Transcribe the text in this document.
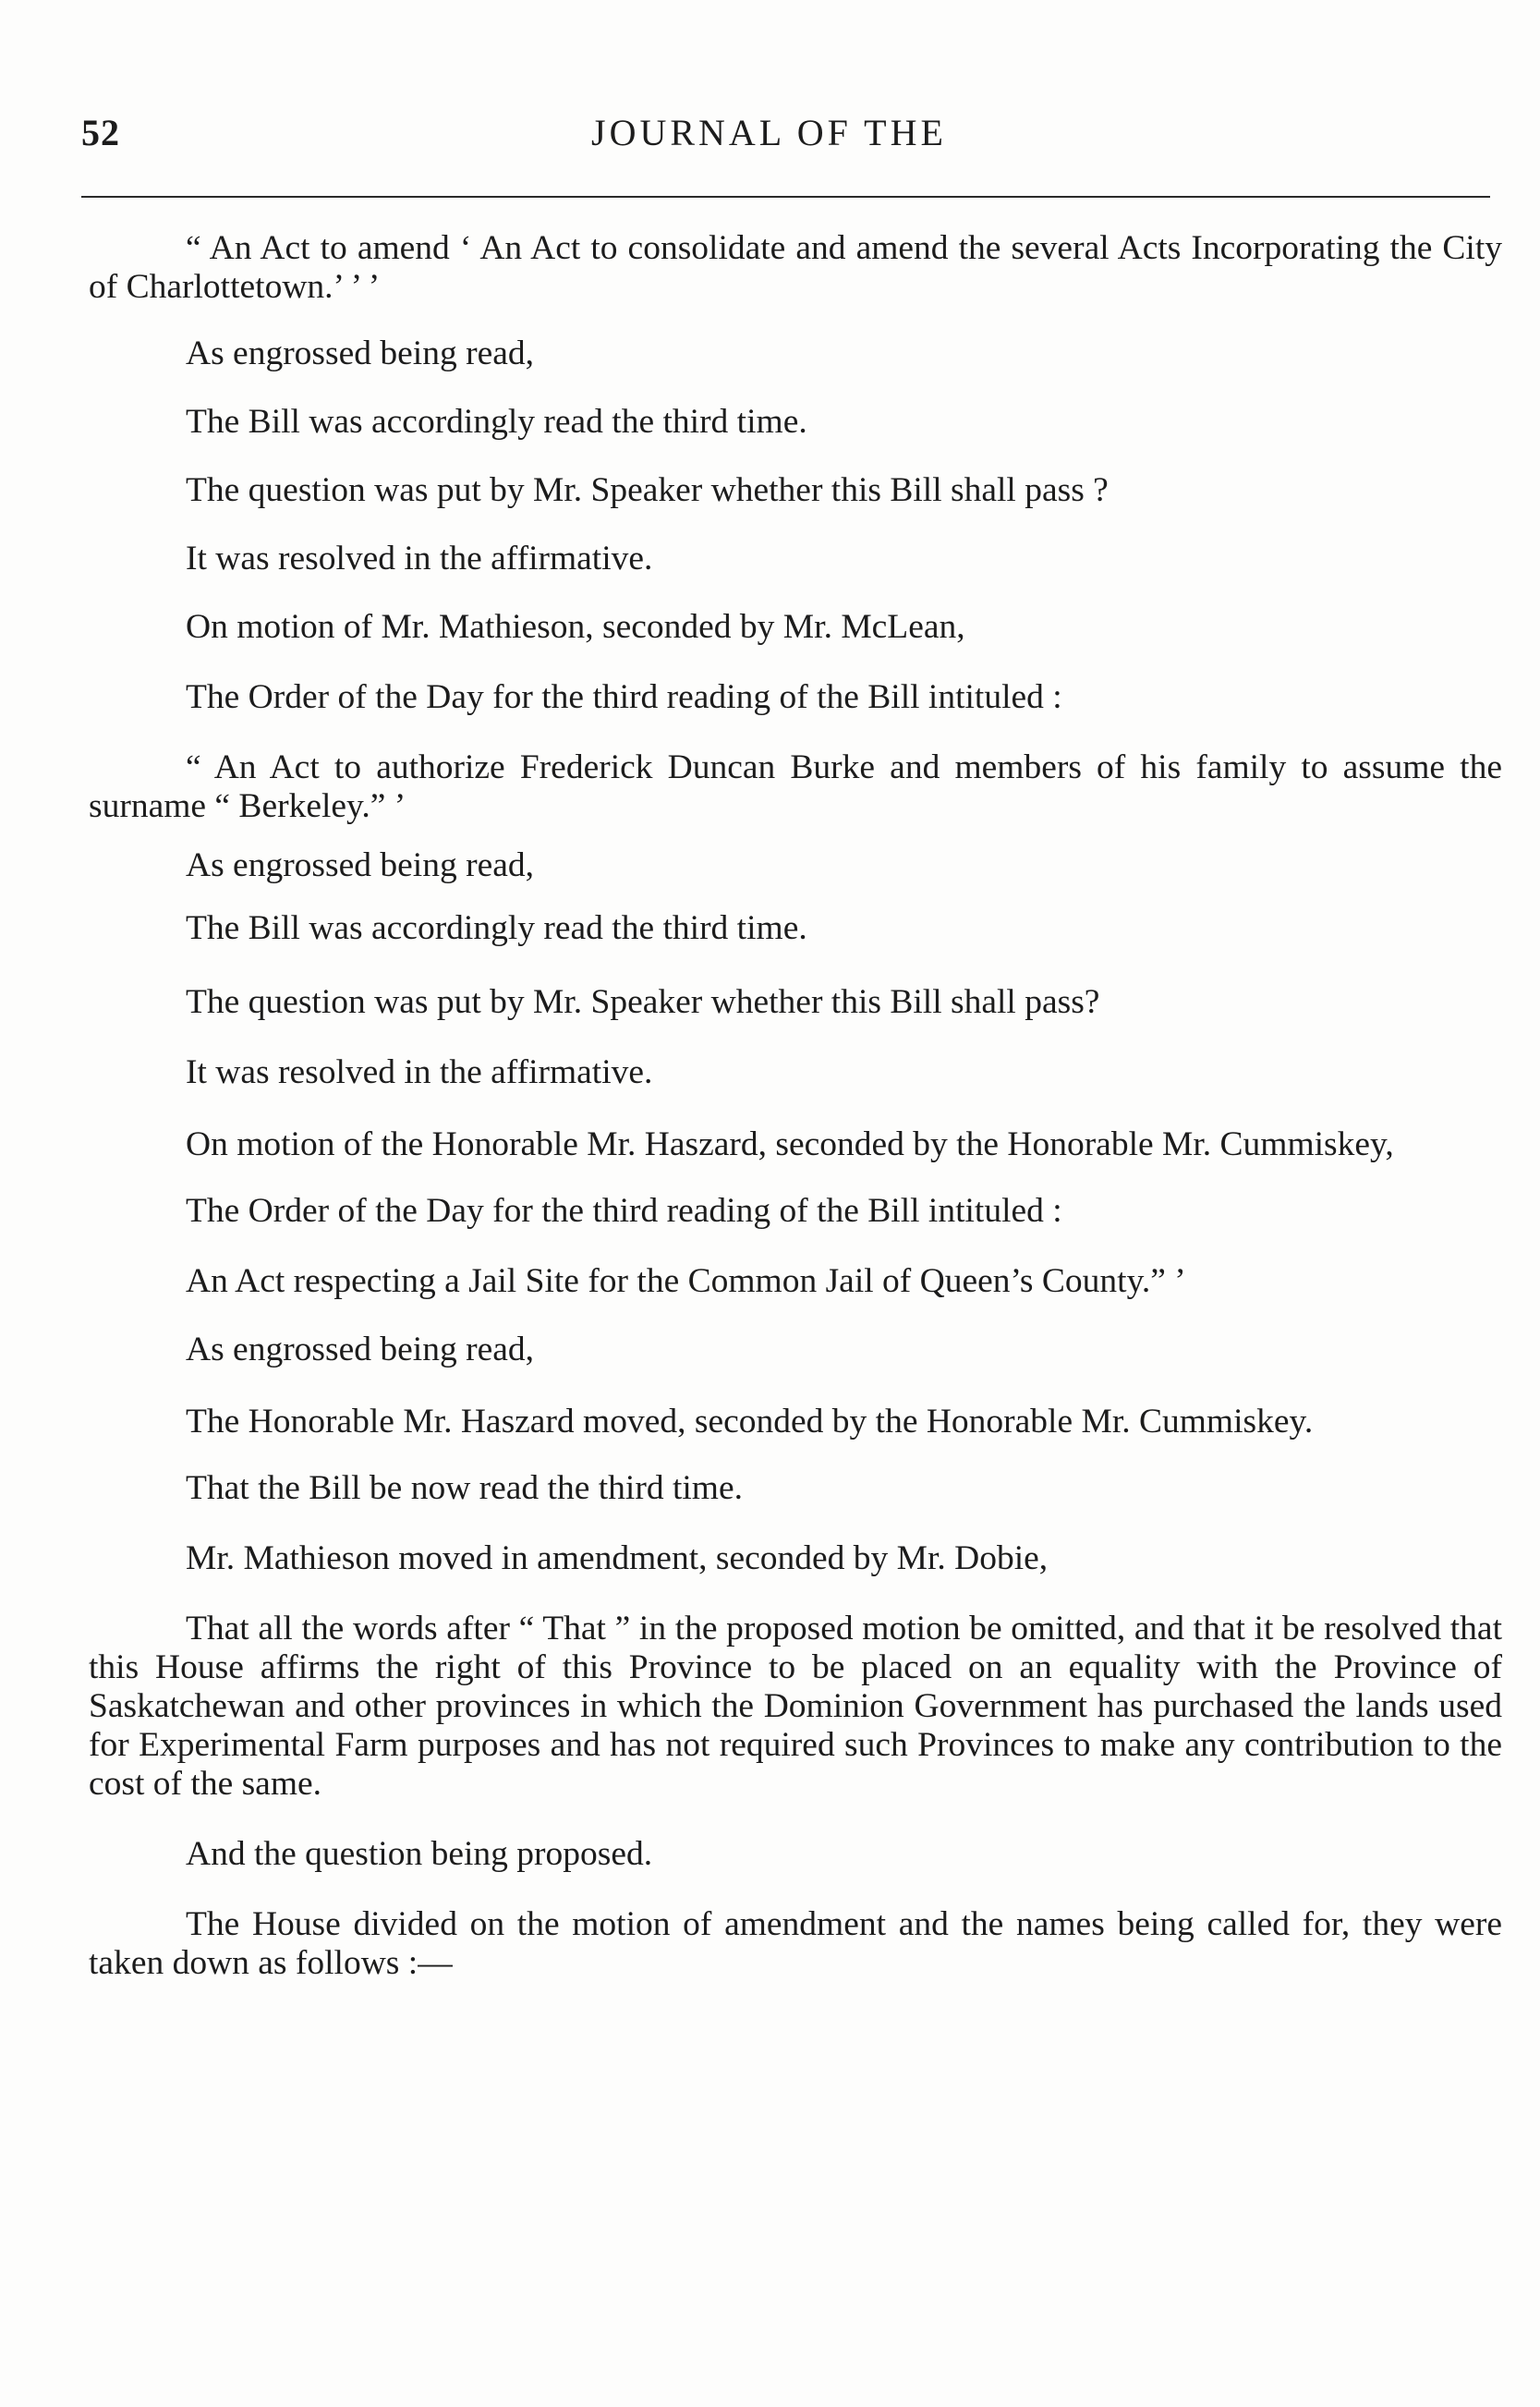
52	JOURNAL OF THE

“ An Act to amend ‘ An Act to consolidate and amend the several Acts Incorporating the City of Charlottetown.’ ’ ’

As engrossed being read,

The Bill was accordingly read the third time.

The question was put by Mr. Speaker whether this Bill shall pass ?

It was resolved in the affirmative.

On motion of Mr. Mathieson, seconded by Mr. McLean,

The Order of the Day for the third reading of the Bill intituled :

“ An Act to authorize Frederick Duncan Burke and members of his family to assume the surname “ Berkeley.” ’

As engrossed being read,

The Bill was accordingly read the third time.

The question was put by Mr. Speaker whether this Bill shall pass?

It was resolved in the affirmative.

On motion of the Honorable Mr. Haszard, seconded by the Honorable Mr. Cummiskey,

The Order of the Day for the third reading of the Bill intituled :

An Act respecting a Jail Site for the Common Jail of Queen’s County.” ’

As engrossed being read,

The Honorable Mr. Haszard moved, seconded by the Honorable Mr. Cummiskey.

That the Bill be now read the third time.

Mr. Mathieson moved in amendment, seconded by Mr. Dobie,

That all the words after “ That ” in the proposed motion be omitted, and that it be resolved that this House affirms the right of this Province to be placed on an equality with the Province of Saskatchewan and other provinces in which the Dominion Government has purchased the lands used for Experimental Farm purposes and has not required such Provinces to make any contribution to the cost of the same.

And the question being proposed.

The House divided on the motion of amendment and the names being called for, they were taken down as follows :—
